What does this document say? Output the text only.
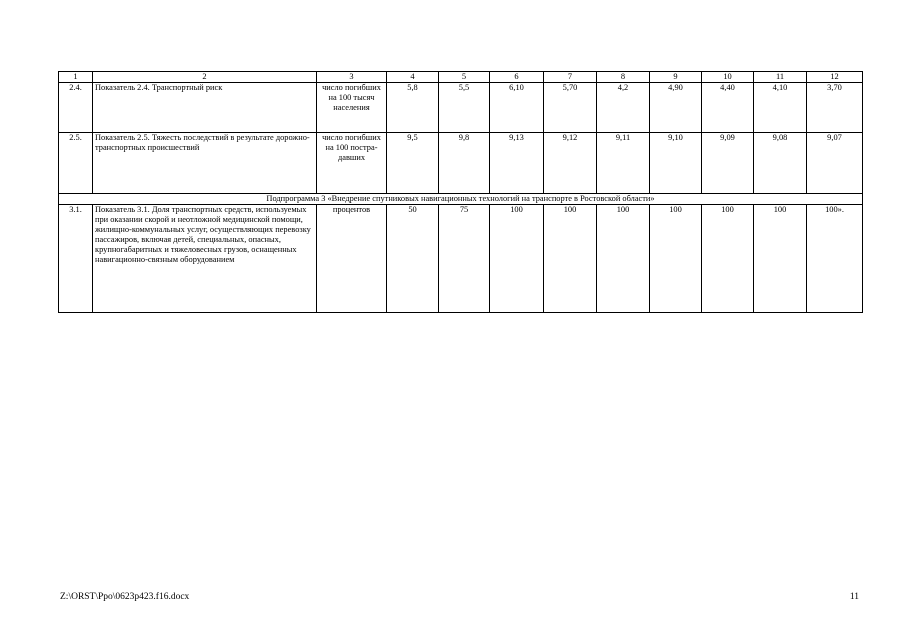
1	2	3	4	5	6	7	8	9	10	11	12
2.4.	Показатель 2.4. Транспортный риск	число погибших на 100 тысяч населения	5,8	5,5	6,10	5,70	4,2	4,90	4,40	4,10	3,70
2.5.	Показатель 2.5. Тяжесть последствий в результате дорожно-транспортных происшествий	число погибших на 100 постра-давших	9,5	9,8	9,13	9,12	9,11	9,10	9,09	9,08	9,07
Подпрограмма 3 «Внедрение спутниковых навигационных технологий на транспорте в Ростовской области»											
3.1.	Показатель 3.1. Доля транспортных средств, используемых при оказании скорой и неотложной медицинской помощи, жилищно-коммунальных услуг, осуществляющих перевозку пассажиров, включая детей, специальных, опасных, крупногабаритных и тяжеловесных грузов, оснащенных навигационно-связным оборудованием	процентов	50	75	100	100	100	100	100	100	100».
Z:\ORST\Ppo\0623p423.f16.docx	11
